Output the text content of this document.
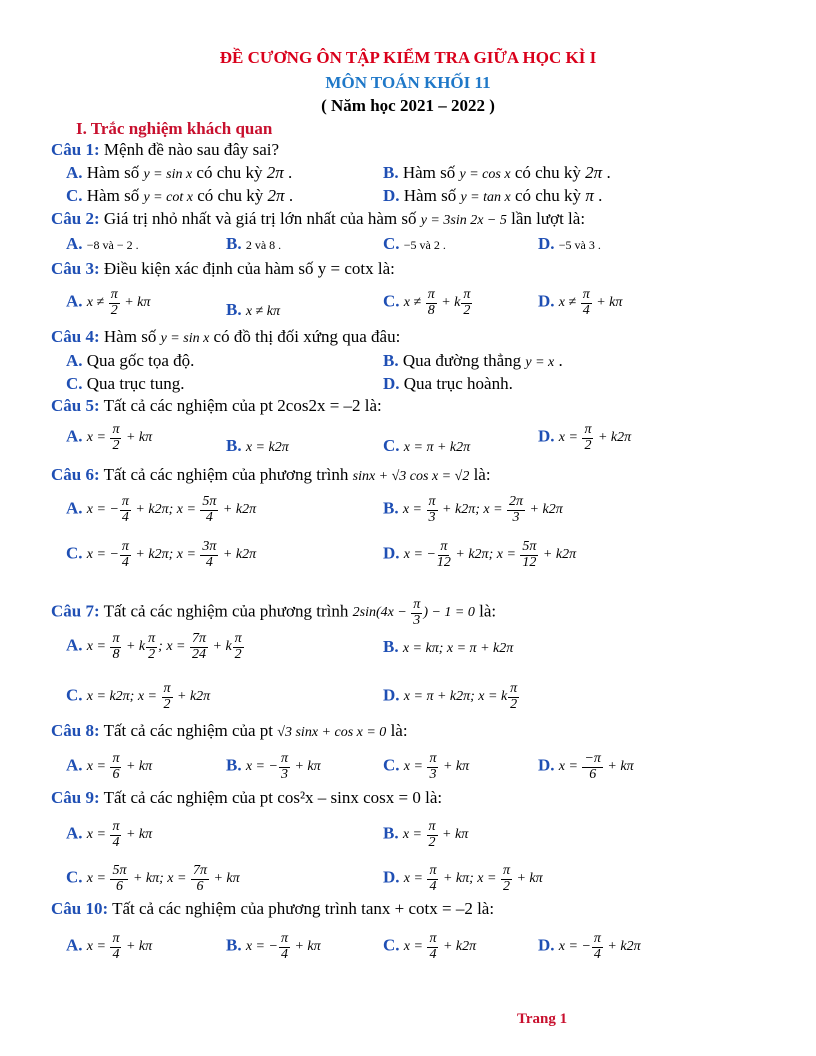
ĐỀ CƯƠNG ÔN TẬP KIỂM TRA GIỮA HỌC KÌ I
MÔN TOÁN KHỐI 11
( Năm học 2021 – 2022 )
I. Trắc nghiệm khách quan
Câu 1: Mệnh đề nào sau đây sai?
A. Hàm số y = sin x có chu kỳ 2π .	B. Hàm số y = cos x có chu kỳ 2π .
C. Hàm số y = cot x có chu kỳ 2π .	D. Hàm số y = tan x có chu kỳ π .
Câu 2: Giá trị nhỏ nhất và giá trị lớn nhất của hàm số y = 3sin 2x − 5 lần lượt là:
A. −8 và − 2 .	B. 2 và 8 .	C. −5 và 2 .	D. −5 và 3 .
Câu 3: Điều kiện xác định của hàm số y = cotx là:
A. $x \ne \frac{\pi}{2} + k\pi$	B. x ≠ kπ
C. $x \ne \frac{\pi}{8} + k \frac{\pi}{2}$	D. $x \ne \frac{\pi}{4} + k\pi$
Câu 4: Hàm số y = sin x có đồ thị đối xứng qua đâu:
A. Qua gốc tọa độ.	B. Qua đường thẳng y = x .
C. Qua trục tung.	D. Qua trục hoành.
Câu 5: Tất cả các nghiệm của pt 2cos2x = –2 là:
A. $x = \frac{\pi}{2} + k\pi$	B. x = k2π	C. x = π + k2π
D. $x = \frac{\pi}{2} + k2\pi$
Câu 6: Tất cả các nghiệm của phương trình sinx + √3 cos x = √2 là:
A. x = − $\frac{\pi}{4} + k2\pi$; $x = \frac{5\pi}{4} + k2\pi$	B. $x = \frac{\pi}{3} + k2\pi$; $x = \frac{2\pi}{3} + k2\pi$
C. x = − $\frac{\pi}{4} + k2\pi$; $x = \frac{3\pi}{4} + k2\pi$	D. x = − $\frac{\pi}{12} + k2\pi$; $x = \frac{5\pi}{12} + k2\pi$
Câu 7: Tất cả các nghiệm của phương trình $2\sin(4x - \frac{\pi}{3}$ ) − 1 = 0 là:
A. $x = \frac{\pi}{8} + k \frac{\pi}{2}$ ; $x = \frac{7\pi}{24} + k \frac{\pi}{2}$	B. x = kπ; x = π + k2π
C. x = k2π; $x = \frac{\pi}{2} + k2\pi$	D. x = π + k2π; x = k $\frac{\pi}{2}$
Câu 8: Tất cả các nghiệm của pt √3 sinx + cos x = 0 là:
A. $x = \frac{\pi}{6} + k\pi$	B. x = − $\frac{\pi}{3} + k\pi$	C. $x = \frac{\pi}{3} + k\pi$	D. $x = \frac{-\pi}{6} + k\pi$
Câu 9: Tất cả các nghiệm của pt cos²x – sinx cosx = 0 là:
A. $x = \frac{\pi}{4} + k\pi$	B. $x = \frac{\pi}{2} + k\pi$
C. $x = \frac{5\pi}{6} + k\pi$; $x = \frac{7\pi}{6} + k\pi$	D. $x = \frac{\pi}{4} + k\pi$; $x = \frac{\pi}{2} + k\pi$
Câu 10: Tất cả các nghiệm của phương trình tanx + cotx = –2 là:
A. $x = \frac{\pi}{4} + k\pi$	B. x = − $\frac{\pi}{4} + k\pi$	C. $x = \frac{\pi}{4} + k2\pi$	D. x = − $\frac{\pi}{4} + k2\pi$
Trang 1
